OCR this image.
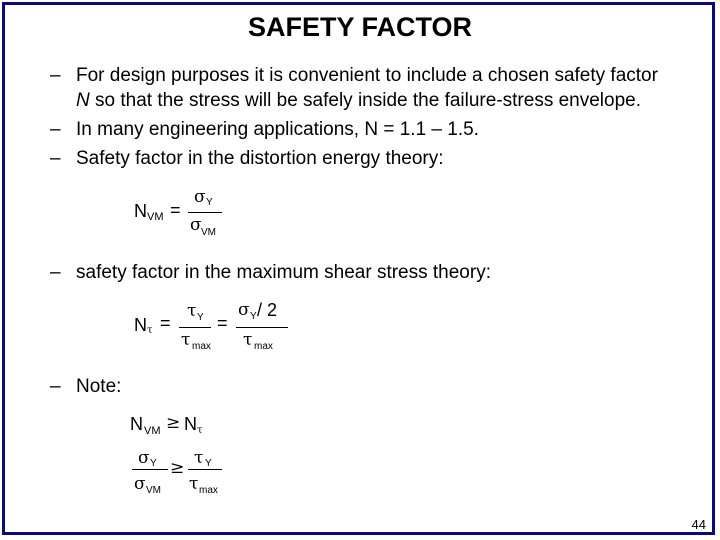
SAFETY FACTOR
– For design purposes it is convenient to include a chosen safety factor
N so that the stress will be safely inside the failure-stress envelope.
– In many engineering applications, N = 1.1 – 1.5.
– Safety factor in the distortion energy theory:
N VM =
σ Y
σ VM
– safety factor in the maximum shear stress theory:
N τ =
τ Y
τ max
=
σ Y / 2
τ max
– Note:
N VM ≥ N τ
σ Y
σ VM
≥ τ Y
τ max
44
